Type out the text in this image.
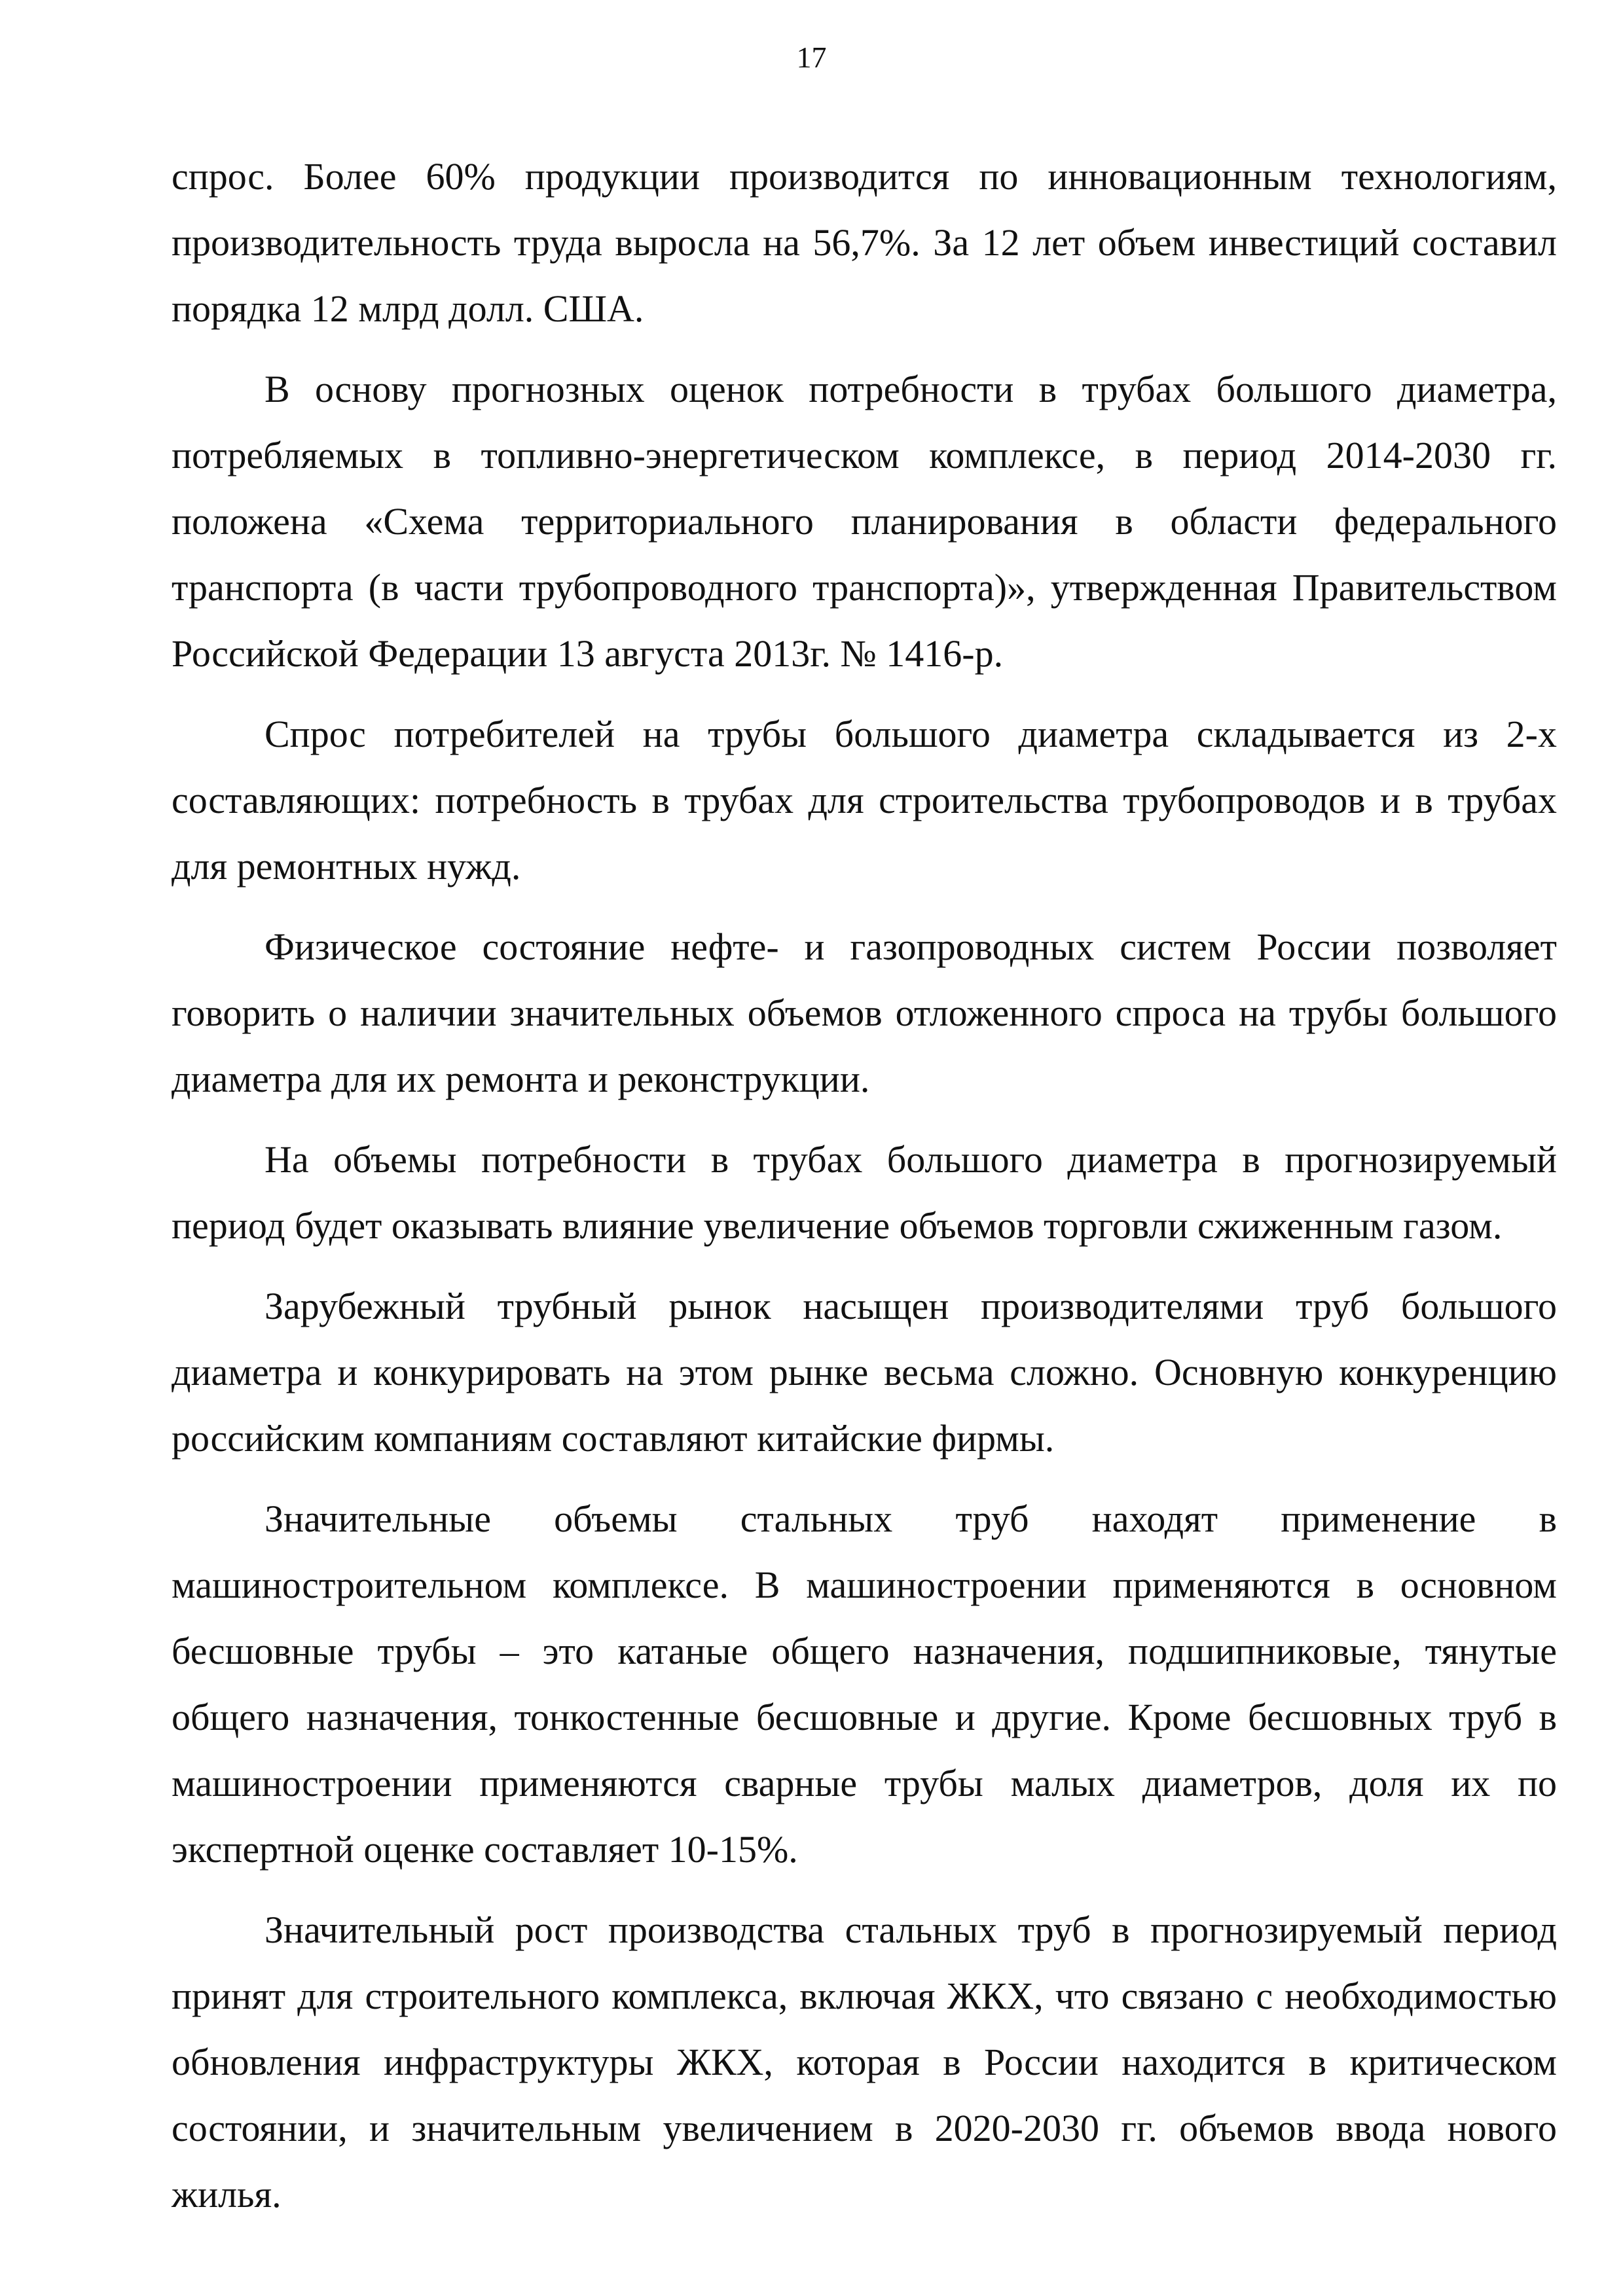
17

спрос. Более 60% продукции производится по инновационным технологиям, производительность труда выросла на 56,7%. За 12 лет объем инвестиций составил порядка 12 млрд долл. США.

В основу прогнозных оценок потребности в трубах большого диаметра, потребляемых в топливно-энергетическом комплексе, в период 2014-2030 гг. положена «Схема территориального планирования в области федерального транспорта (в части трубопроводного транспорта)», утвержденная Правительством Российской Федерации 13 августа 2013г. № 1416-р.

Спрос потребителей на трубы большого диаметра складывается из 2-х составляющих: потребность в трубах для строительства трубопроводов и в трубах для ремонтных нужд.

Физическое состояние нефте- и газопроводных систем России позволяет говорить о наличии значительных объемов отложенного спроса на трубы большого диаметра для их ремонта и реконструкции.

На объемы потребности в трубах большого диаметра в прогнозируемый период будет оказывать влияние увеличение объемов торговли сжиженным газом.

Зарубежный трубный рынок насыщен производителями труб большого диаметра и конкурировать на этом рынке весьма сложно. Основную конкуренцию российским компаниям составляют китайские фирмы.

Значительные объемы стальных труб находят применение в машиностроительном комплексе. В машиностроении применяются в основном бесшовные трубы – это катаные общего назначения, подшипниковые, тянутые общего назначения, тонкостенные бесшовные и другие. Кроме бесшовных труб в машиностроении применяются сварные трубы малых диаметров, доля их по экспертной оценке составляет 10-15%.

Значительный рост производства стальных труб в прогнозируемый период принят для строительного комплекса, включая ЖКХ, что связано с необходимостью обновления инфраструктуры ЖКХ, которая в России находится в критическом состоянии, и значительным увеличением в 2020-2030 гг. объемов ввода нового жилья.
